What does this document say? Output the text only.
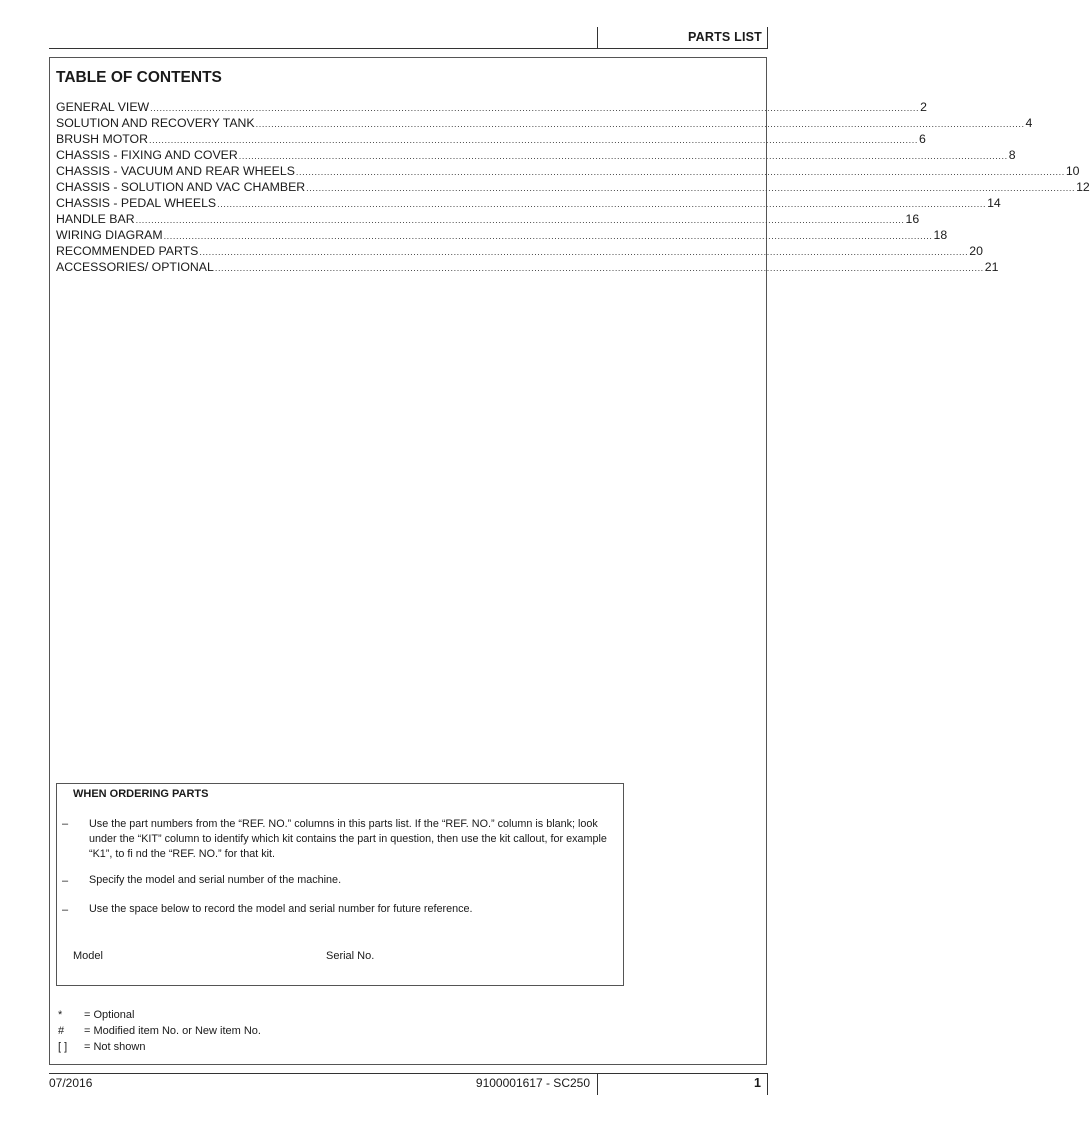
PARTS LIST
TABLE OF CONTENTS
GENERAL VIEW ........................................................................................................................................................................................................................................................ 2
SOLUTION AND RECOVERY TANK ........................................................................................................................................................................................................................................................ 4
BRUSH MOTOR ........................................................................................................................................................................................................................................................ 6
CHASSIS - FIXING AND COVER ........................................................................................................................................................................................................................................................ 8
CHASSIS - VACUUM AND REAR WHEELS ........................................................................................................................................................................................................................................................ 10
CHASSIS - SOLUTION AND VAC CHAMBER ........................................................................................................................................................................................................................................................ 12
CHASSIS - PEDAL WHEELS ........................................................................................................................................................................................................................................................ 14
HANDLE BAR ........................................................................................................................................................................................................................................................ 16
WIRING DIAGRAM ........................................................................................................................................................................................................................................................ 18
RECOMMENDED PARTS ........................................................................................................................................................................................................................................................ 20
ACCESSORIES/ OPTIONAL ........................................................................................................................................................................................................................................................ 21
WHEN ORDERING PARTS
– Use the part numbers from the “REF. NO.” columns in this parts list. If the “REF. NO.” column is blank; look under the “KIT” column to identify which kit contains the part in question, then use the kit callout, for example “K1”, to fi nd the “REF. NO.” for that kit.
– Specify the model and serial number of the machine.
– Use the space below to record the model and serial number for future reference.
Model	Serial No.
*	= Optional
#	= Modified item No. or New item No.
[ ]	= Not shown
07/2016	9100001617 - SC250	1
